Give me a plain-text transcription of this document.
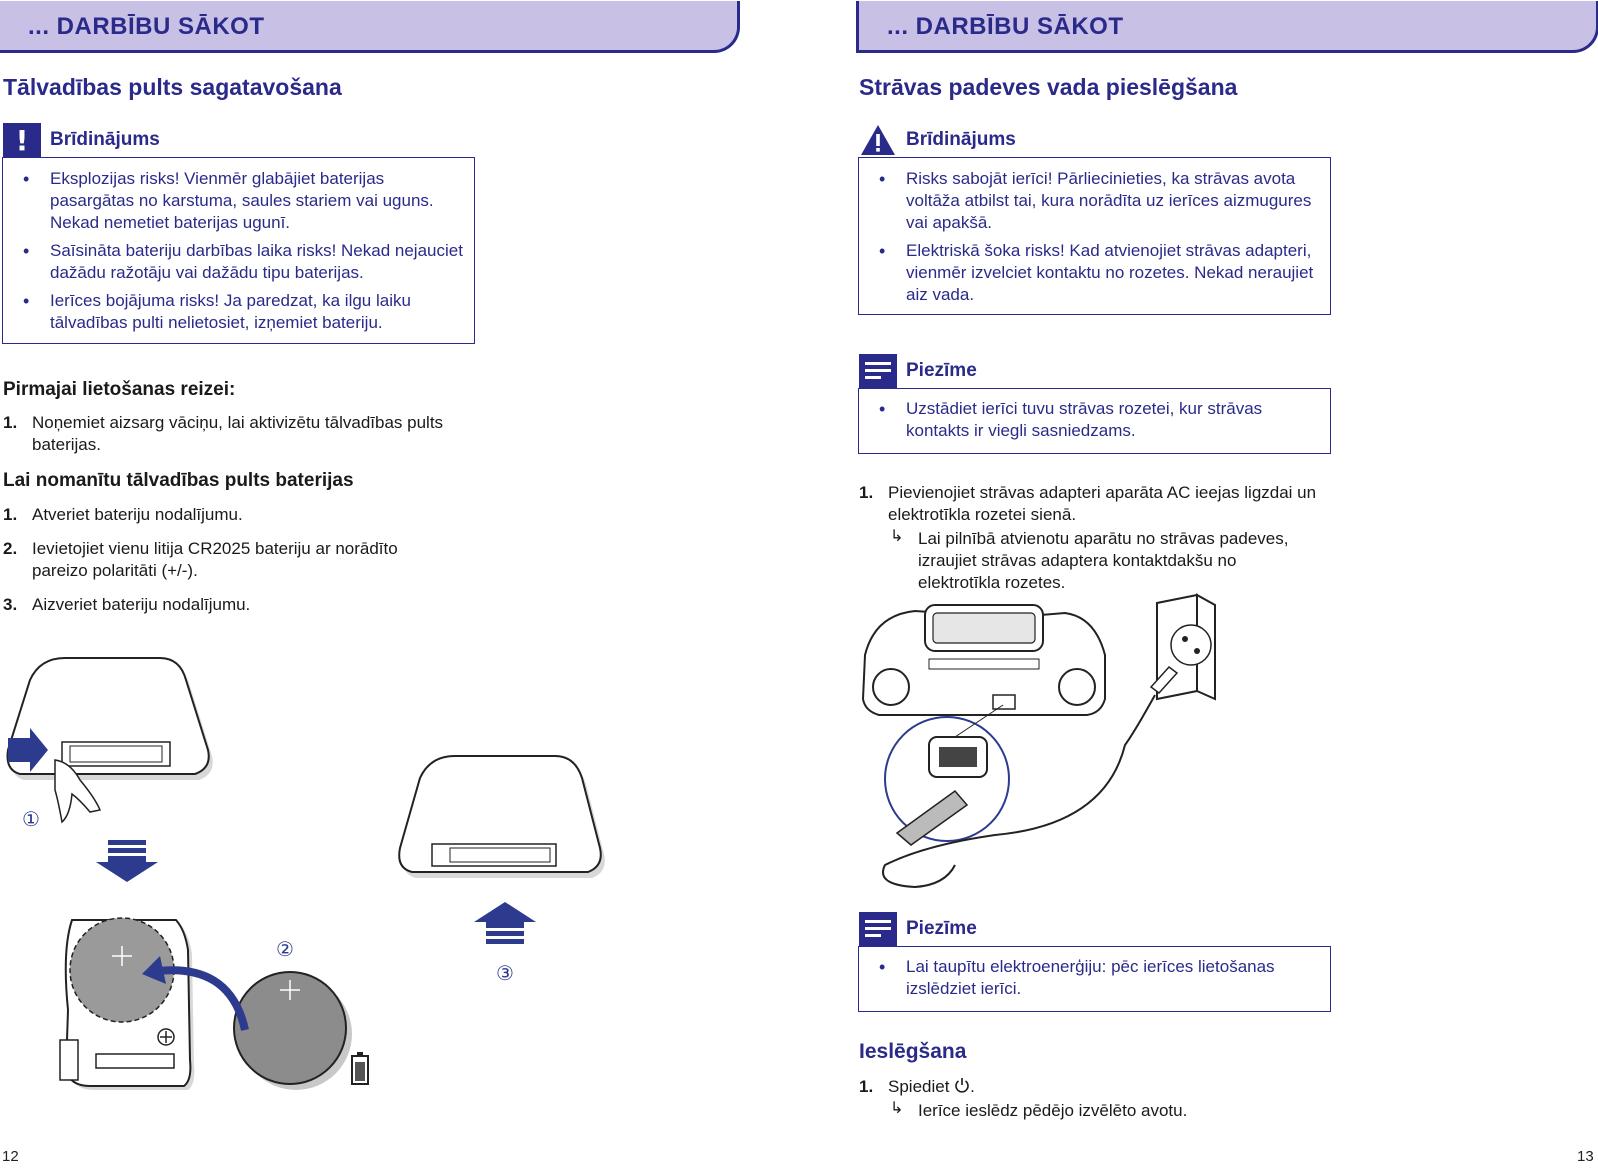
... DARBĪBU SĀKOT
Tālvadības pults sagatavošana
! Brīdinājums
• Eksplozijas risks! Vienmēr glabājiet baterijas pasargātas no karstuma, saules stariem vai uguns. Nekad nemetiet baterijas ugunī.
• Saīsināta bateriju darbības laika risks! Nekad nejauciet dažādu ražotāju vai dažādu tipu baterijas.
• Ierīces bojājuma risks! Ja paredzat, ka ilgu laiku tālvadības pulti nelietosiet, izņemiet bateriju.
Pirmajai lietošanas reizei:
1. Noņemiet aizsarg vāciņu, lai aktivizētu tālvadības pults baterijas.
Lai nomanītu tālvadības pults baterijas
1. Atveriet bateriju nodalījumu.
2. Ievietojiet vienu litija CR2025 bateriju ar norādīto pareizo polaritāti (+/-).
3. Aizveriet bateriju nodalījumu.
①
②
③
12
... DARBĪBU SĀKOT
Strāvas padeves vada pieslēgšana
Brīdinājums
• Risks sabojāt ierīci! Pārliecinieties, ka strāvas avota voltāža atbilst tai, kura norādīta uz ierīces aizmugures vai apakšā.
• Elektriskā šoka risks! Kad atvienojiet strāvas adapteri, vienmēr izvelciet kontaktu no rozetes. Nekad neraujiet aiz vada.
Piezīme
• Uzstādiet ierīci tuvu strāvas rozetei, kur strāvas kontakts ir viegli sasniedzams.
1. Pievienojiet strāvas adapteri aparāta AC ieejas ligzdai un elektrotīkla rozetei sienā.
↳ Lai pilnībā atvienotu aparātu no strāvas padeves, izraujiet strāvas adaptera kontaktdakšu no elektrotīkla rozetes.
Piezīme
• Lai taupītu elektroenerģiju: pēc ierīces lietošanas izslēdziet ierīci.
Ieslēgšana
1. Spiediet .
↳ Ierīce ieslēdz pēdējo izvēlēto avotu.
13
